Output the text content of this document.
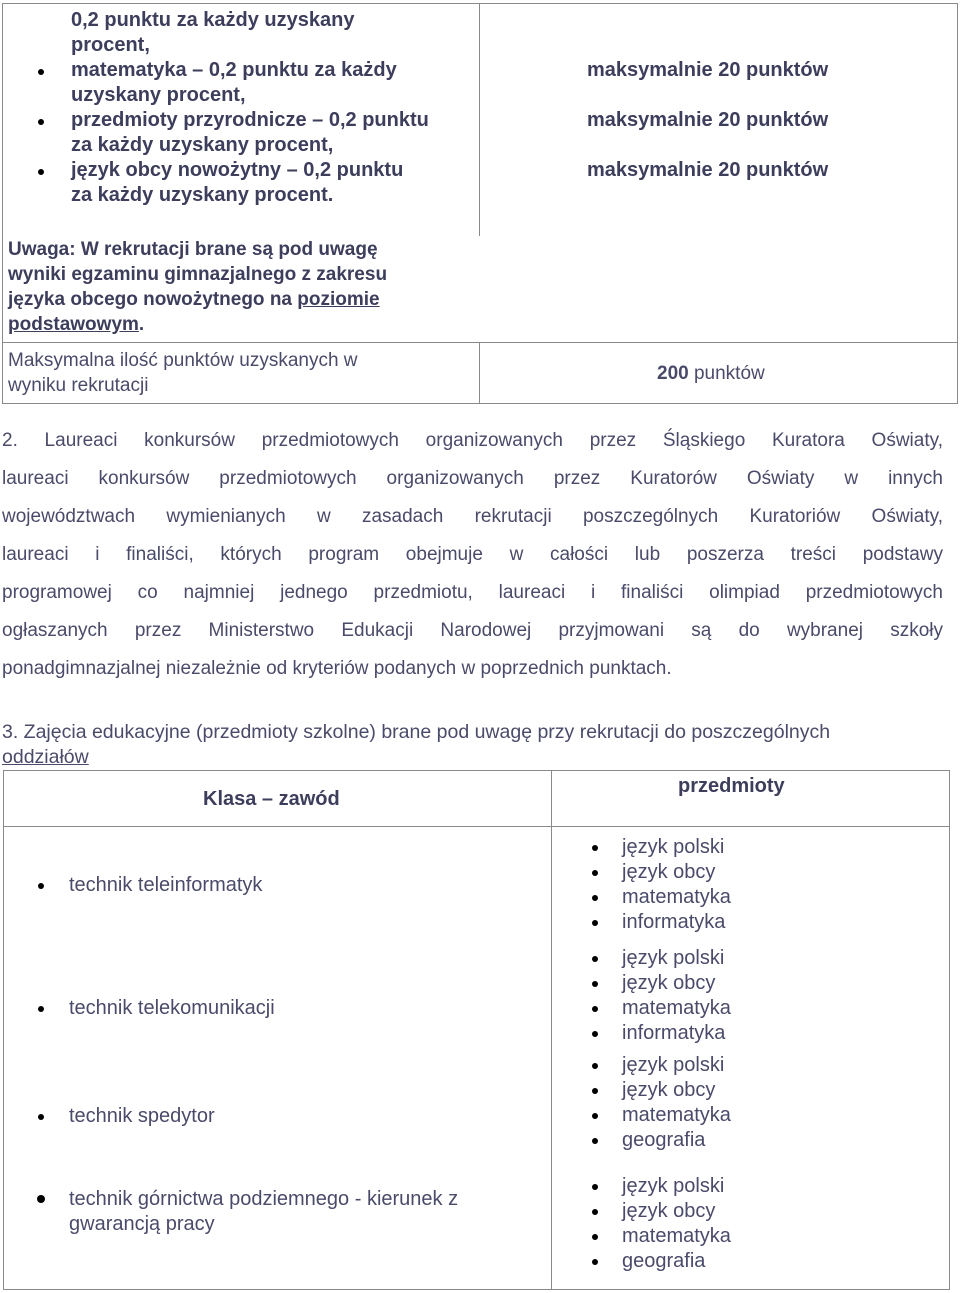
0,2 punktu za każdy uzyskany
procent,
matematyka – 0,2 punktu za każdy
uzyskany procent,
przedmioty przyrodnicze – 0,2 punktu
za każdy uzyskany procent,
język obcy nowożytny – 0,2 punktu
za każdy uzyskany procent.
maksymalnie 20 punktów
maksymalnie 20 punktów
maksymalnie 20 punktów
Uwaga: W rekrutacji brane są pod uwagę
wyniki egzaminu gimnazjalnego z zakresu
języka obcego nowożytnego na poziomie
podstawowym.
Maksymalna ilość punktów uzyskanych w
wyniku rekrutacji
200 punktów
2. Laureaci konkursów przedmiotowych organizowanych przez Śląskiego Kuratora Oświaty,
laureaci konkursów przedmiotowych organizowanych przez Kuratorów Oświaty w innych
województwach wymienianych w zasadach rekrutacji poszczególnych Kuratoriów Oświaty,
laureaci i finaliści, których program obejmuje w całości lub poszerza treści podstawy
programowej co najmniej jednego przedmiotu, laureaci i finaliści olimpiad przedmiotowych
ogłaszanych przez Ministerstwo Edukacji Narodowej przyjmowani są do wybranej szkoły
ponadgimnazjalnej niezależnie od kryteriów podanych w poprzednich punktach.
3. Zajęcia edukacyjne (przedmioty szkolne) brane pod uwagę przy rekrutacji do poszczególnych
oddziałów
Klasa – zawód
przedmioty
technik teleinformatyk
język polski
język obcy
matematyka
informatyka
technik telekomunikacji
język polski
język obcy
matematyka
informatyka
technik spedytor
język polski
język obcy
matematyka
geografia
technik górnictwa podziemnego - kierunek z
gwarancją pracy
język polski
język obcy
matematyka
geografia
